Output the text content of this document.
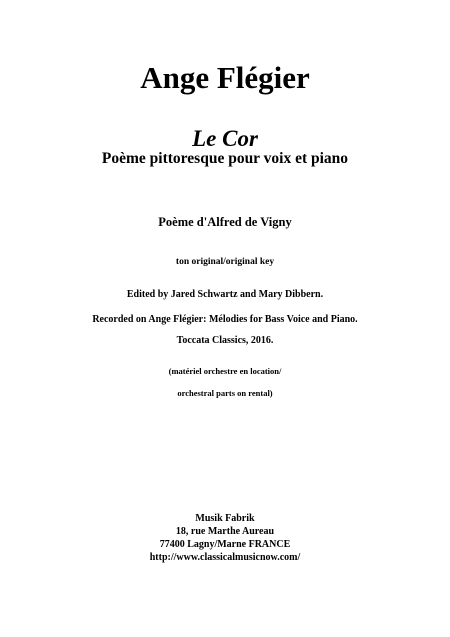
Ange Flégier
Le Cor
Poème pittoresque pour voix et piano
Poème d'Alfred de Vigny
ton original/original key
Edited by Jared Schwartz and Mary Dibbern.
Recorded on Ange Flégier: Mélodies for Bass Voice and Piano.
Toccata Classics, 2016.
(matériel orchestre en location/
orchestral parts on rental)
Musik Fabrik
18, rue Marthe Aureau
77400 Lagny/Marne FRANCE
http://www.classicalmusicnow.com/
